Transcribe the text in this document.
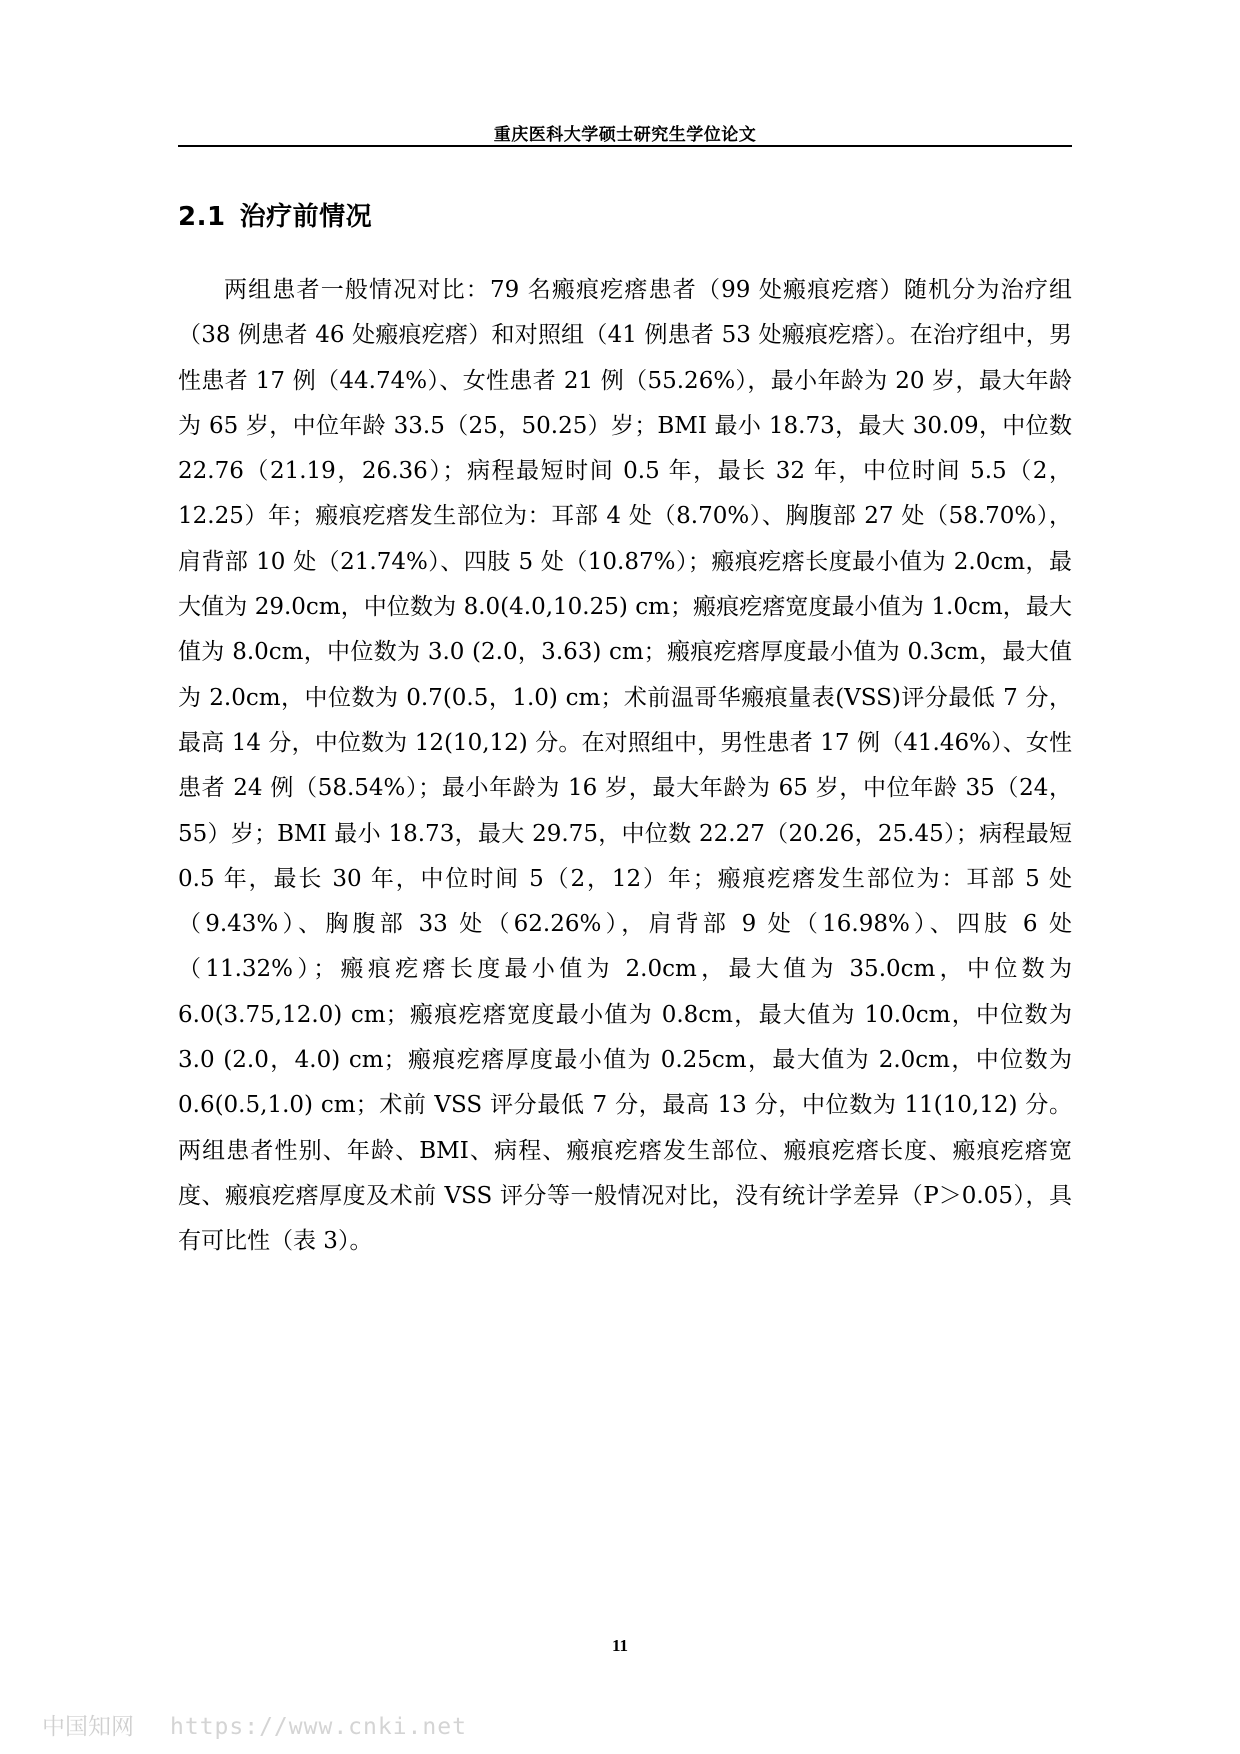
重庆医科大学硕士研究生学位论文
2.1 治疗前情况

两组患者一般情况对比：79 名瘢痕疙瘩患者（99 处瘢痕疙瘩）随机分为治疗组（38 例患者 46 处瘢痕疙瘩）和对照组（41 例患者 53 处瘢痕疙瘩）。在治疗组中，男性患者 17 例（44.74%）、女性患者 21 例（55.26%），最小年龄为 20 岁，最大年龄为 65 岁，中位年龄 33.5（25，50.25）岁；BMI 最小 18.73，最大 30.09，中位数 22.76（21.19，26.36）；病程最短时间 0.5 年，最长 32 年，中位时间 5.5（2，12.25）年；瘢痕疙瘩发生部位为：耳部 4 处（8.70%）、胸腹部 27 处（58.70%），肩背部 10 处（21.74%）、四肢 5 处（10.87%）；瘢痕疙瘩长度最小值为 2.0cm，最大值为 29.0cm，中位数为 8.0(4.0,10.25) cm；瘢痕疙瘩宽度最小值为 1.0cm，最大值为 8.0cm，中位数为 3.0 (2.0，3.63) cm；瘢痕疙瘩厚度最小值为 0.3cm，最大值为 2.0cm，中位数为 0.7(0.5，1.0) cm；术前温哥华瘢痕量表(VSS)评分最低 7 分，最高 14 分，中位数为 12(10,12) 分。在对照组中，男性患者 17 例（41.46%）、女性患者 24 例（58.54%）；最小年龄为 16 岁，最大年龄为 65 岁，中位年龄 35（24，55）岁；BMI 最小 18.73，最大 29.75，中位数 22.27（20.26，25.45）；病程最短 0.5 年，最长 30 年，中位时间 5（2，12）年；瘢痕疙瘩发生部位为：耳部 5 处（9.43%）、胸腹部 33 处（62.26%），肩背部 9 处（16.98%）、四肢 6 处（11.32%）；瘢痕疙瘩长度最小值为 2.0cm，最大值为 35.0cm，中位数为 6.0(3.75,12.0) cm；瘢痕疙瘩宽度最小值为 0.8cm，最大值为 10.0cm，中位数为 3.0 (2.0，4.0) cm；瘢痕疙瘩厚度最小值为 0.25cm，最大值为 2.0cm，中位数为 0.6(0.5,1.0) cm；术前 VSS 评分最低 7 分，最高 13 分，中位数为 11(10,12) 分。两组患者性别、年龄、BMI、病程、瘢痕疙瘩发生部位、瘢痕疙瘩长度、瘢痕疙瘩宽度、瘢痕疙瘩厚度及术前 VSS 评分等一般情况对比，没有统计学差异（P＞0.05），具有可比性（表 3）。

11
中国知网 https://www.cnki.net
